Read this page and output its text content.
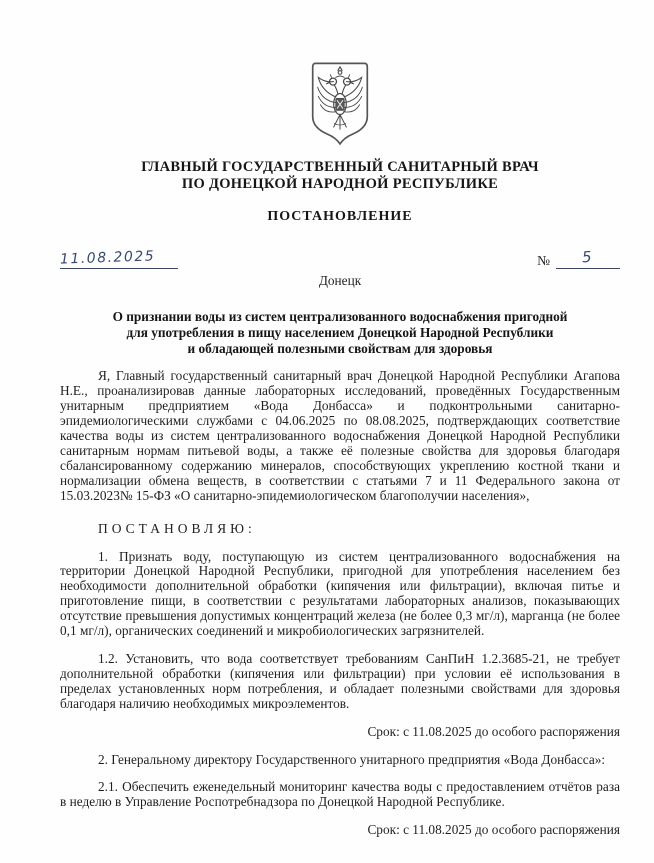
ГЛАВНЫЙ ГОСУДАРСТВЕННЫЙ САНИТАРНЫЙ ВРАЧ
ПО ДОНЕЦКОЙ НАРОДНОЙ РЕСПУБЛИКЕ
ПОСТАНОВЛЕНИЕ
11.08.2025	№	5
Донецк
О признании воды из систем централизованного водоснабжения пригодной
для употребления в пищу населением Донецкой Народной Республики
и обладающей полезными свойствам для здоровья

Я, Главный государственный санитарный врач Донецкой Народной Республики Агапова Н.Е., проанализировав данные лабораторных исследований, проведённых Государственным унитарным предприятием «Вода Донбасса» и подконтрольными санитарно-эпидемиологическими службами с 04.06.2025 по 08.08.2025, подтверждающих соответствие качества воды из систем централизованного водоснабжения Донецкой Народной Республики санитарным нормам питьевой воды, а также её полезные свойства для здоровья благодаря сбалансированному содержанию минералов, способствующих укреплению костной ткани и нормализации обмена веществ, в соответствии с статьями 7 и 11 Федерального закона от 15.03.2023№ 15-ФЗ «О санитарно-эпидемиологическом благополучии населения»,

ПОСТАНОВЛЯЮ:

1. Признать воду, поступающую из систем централизованного водоснабжения на территории Донецкой Народной Республики, пригодной для употребления населением без необходимости дополнительной обработки (кипячения или фильтрации), включая питье и приготовление пищи, в соответствии с результатами лабораторных анализов, показывающих отсутствие превышения допустимых концентраций железа (не более 0,3 мг/л), марганца (не более 0,1 мг/л), органических соединений и микробиологических загрязнителей.

1.2. Установить, что вода соответствует требованиям СанПиН 1.2.3685-21, не требует дополнительной обработки (кипячения или фильтрации) при условии её использования в пределах установленных норм потребления, и обладает полезными свойствами для здоровья благодаря наличию необходимых микроэлементов.

Срок: с 11.08.2025 до особого распоряжения

2. Генеральному директору Государственного унитарного предприятия «Вода Донбасса»:

2.1. Обеспечить еженедельный мониторинг качества воды с предоставлением отчётов раза в неделю в Управление Роспотребнадзора по Донецкой Народной Республике.

Срок: с 11.08.2025 до особого распоряжения
